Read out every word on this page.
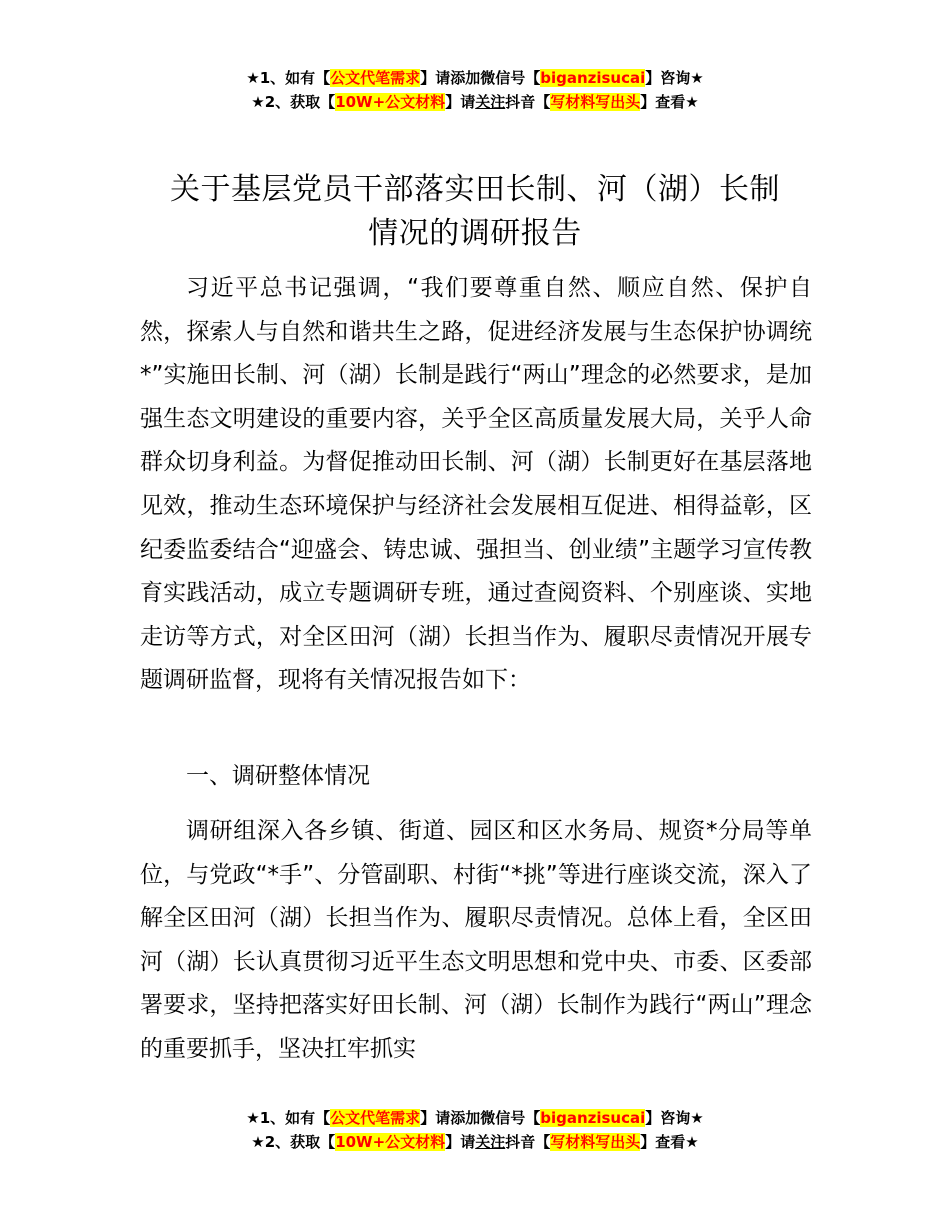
★1、如有【公文代笔需求】请添加微信号【biganzisucai】咨询★
★2、获取【10W+公文材料】请关注抖音【写材料写出头】查看★
关于基层党员干部落实田长制、河（湖）长制
情况的调研报告

习近平总书记强调，“我们要尊重自然、顺应自然、保护自然，探索人与自然和谐共生之路，促进经济发展与生态保护协调统*”实施田长制、河（湖）长制是践行“两山”理念的必然要求，是加强生态文明建设的重要内容，关乎全区高质量发展大局，关乎人命群众切身利益。为督促推动田长制、河（湖）长制更好在基层落地见效，推动生态环境保护与经济社会发展相互促进、相得益彰，区纪委监委结合“迎盛会、铸忠诚、强担当、创业绩”主题学习宣传教育实践活动，成立专题调研专班，通过查阅资料、个别座谈、实地走访等方式，对全区田河（湖）长担当作为、履职尽责情况开展专题调研监督，现将有关情况报告如下：

一、调研整体情况

调研组深入各乡镇、街道、园区和区水务局、规资*分局等单位，与党政“*手”、分管副职、村街“*挑”等进行座谈交流，深入了解全区田河（湖）长担当作为、履职尽责情况。总体上看，全区田河（湖）长认真贯彻习近平生态文明思想和党中央、市委、区委部署要求，坚持把落实好田长制、河（湖）长制作为践行“两山”理念的重要抓手，坚决扛牢抓实

★1、如有【公文代笔需求】请添加微信号【biganzisucai】咨询★
★2、获取【10W+公文材料】请关注抖音【写材料写出头】查看★
